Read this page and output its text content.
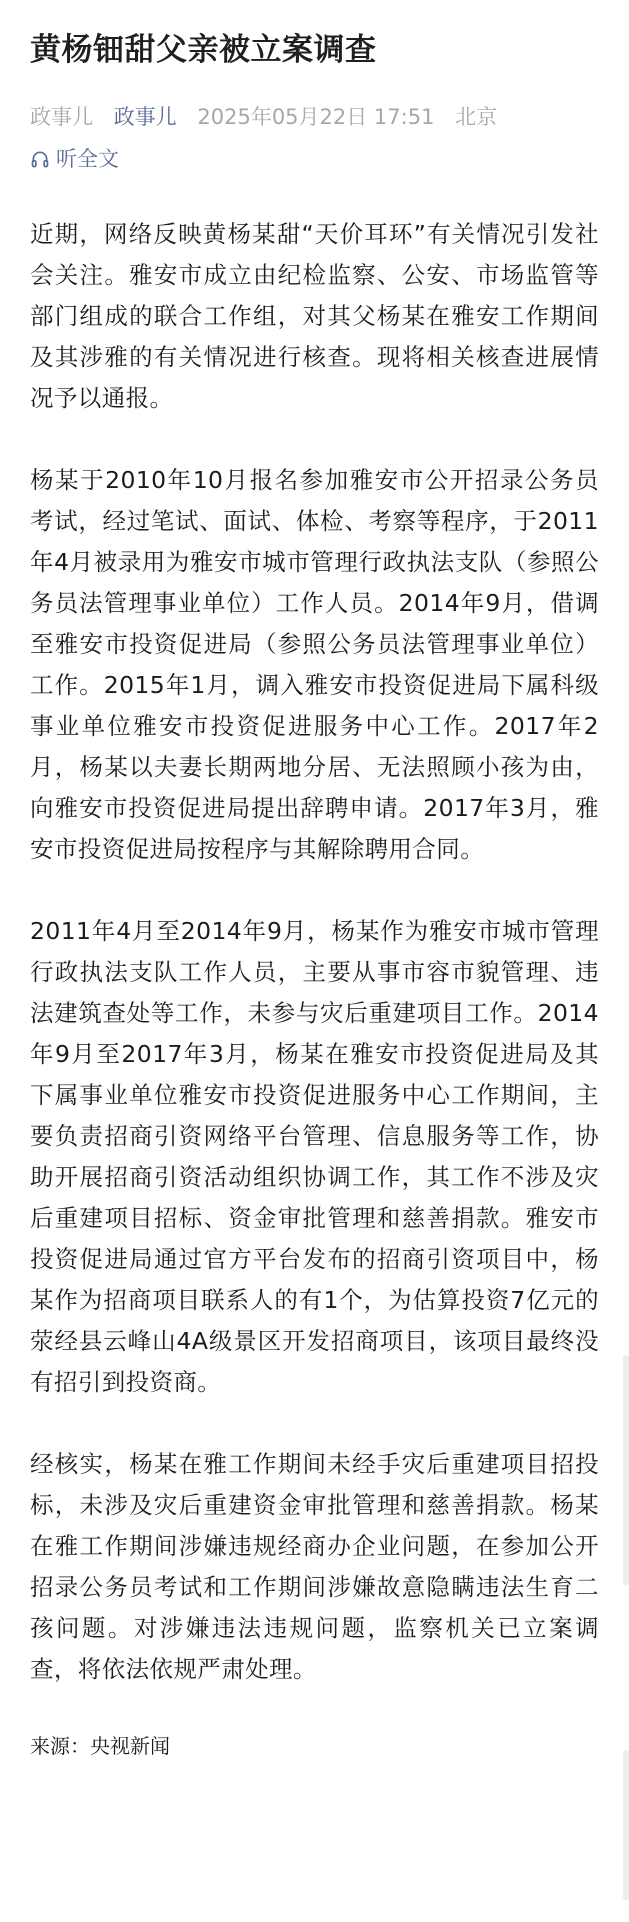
黄杨钿甜父亲被立案调查
政事儿 政事儿 2025年05月22日 17:51 北京
听全文

近期，网络反映黄杨某甜“天价耳环”有关情况引发社会关注。雅安市成立由纪检监察、公安、市场监管等部门组成的联合工作组，对其父杨某在雅安工作期间及其涉雅的有关情况进行核查。现将相关核查进展情况予以通报。

杨某于2010年10月报名参加雅安市公开招录公务员考试，经过笔试、面试、体检、考察等程序，于2011年4月被录用为雅安市城市管理行政执法支队（参照公务员法管理事业单位）工作人员。2014年9月，借调至雅安市投资促进局（参照公务员法管理事业单位）工作。2015年1月，调入雅安市投资促进局下属科级事业单位雅安市投资促进服务中心工作。2017年2月，杨某以夫妻长期两地分居、无法照顾小孩为由，向雅安市投资促进局提出辞聘申请。2017年3月，雅安市投资促进局按程序与其解除聘用合同。

2011年4月至2014年9月，杨某作为雅安市城市管理行政执法支队工作人员，主要从事市容市貌管理、违法建筑查处等工作，未参与灾后重建项目工作。2014年9月至2017年3月，杨某在雅安市投资促进局及其下属事业单位雅安市投资促进服务中心工作期间，主要负责招商引资网络平台管理、信息服务等工作，协助开展招商引资活动组织协调工作，其工作不涉及灾后重建项目招标、资金审批管理和慈善捐款。雅安市投资促进局通过官方平台发布的招商引资项目中，杨某作为招商项目联系人的有1个，为估算投资7亿元的荥经县云峰山4A级景区开发招商项目，该项目最终没有招引到投资商。

经核实，杨某在雅工作期间未经手灾后重建项目招投标，未涉及灾后重建资金审批管理和慈善捐款。杨某在雅工作期间涉嫌违规经商办企业问题，在参加公开招录公务员考试和工作期间涉嫌故意隐瞒违法生育二孩问题。对涉嫌违法违规问题，监察机关已立案调查，将依法依规严肃处理。

来源：央视新闻
